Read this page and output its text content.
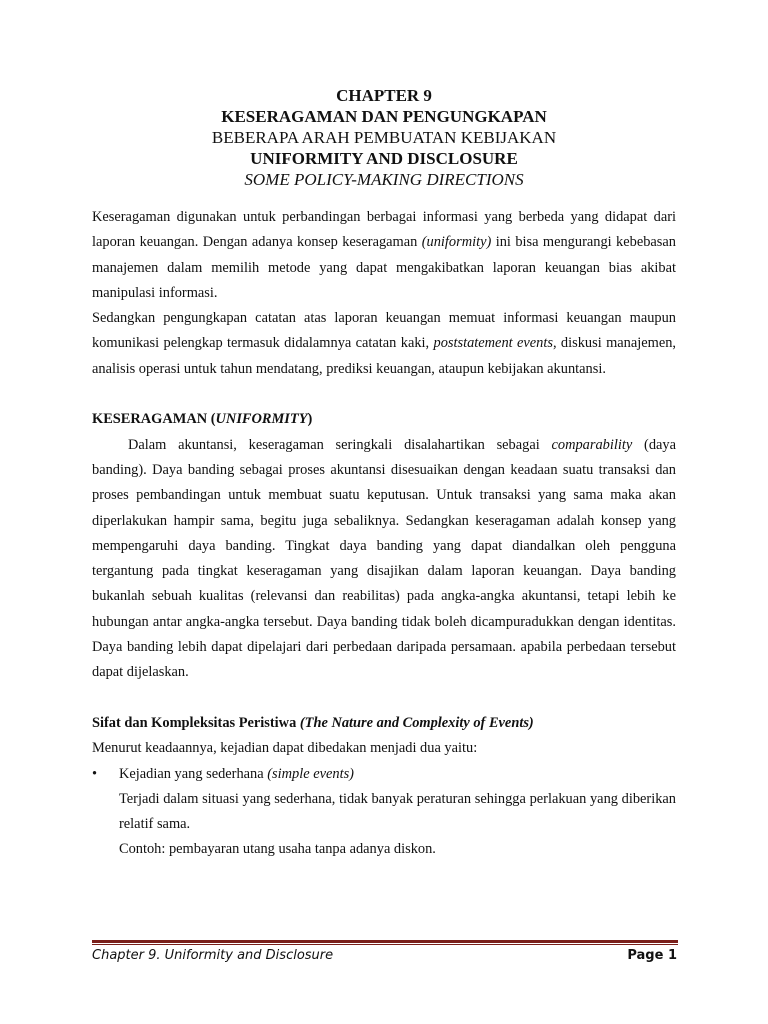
CHAPTER 9
KESERAGAMAN DAN PENGUNGKAPAN
BEBERAPA ARAH PEMBUATAN KEBIJAKAN
UNIFORMITY AND DISCLOSURE
SOME POLICY-MAKING DIRECTIONS

Keseragaman digunakan untuk perbandingan berbagai informasi yang berbeda yang didapat dari laporan keuangan. Dengan adanya konsep keseragaman (uniformity) ini bisa mengurangi kebebasan manajemen dalam memilih metode yang dapat mengakibatkan laporan keuangan bias akibat manipulasi informasi.

Sedangkan pengungkapan catatan atas laporan keuangan memuat informasi keuangan maupun komunikasi pelengkap termasuk didalamnya catatan kaki, poststatement events, diskusi manajemen, analisis operasi untuk tahun mendatang, prediksi keuangan, ataupun kebijakan akuntansi.

KESERAGAMAN (UNIFORMITY)

Dalam akuntansi, keseragaman seringkali disalahartikan sebagai comparability (daya banding). Daya banding sebagai proses akuntansi disesuaikan dengan keadaan suatu transaksi dan proses pembandingan untuk membuat suatu keputusan. Untuk transaksi yang sama maka akan diperlakukan hampir sama, begitu juga sebaliknya. Sedangkan keseragaman adalah konsep yang mempengaruhi daya banding. Tingkat daya banding yang dapat diandalkan oleh pengguna tergantung pada tingkat keseragaman yang disajikan dalam laporan keuangan. Daya banding bukanlah sebuah kualitas (relevansi dan reabilitas) pada angka-angka akuntansi, tetapi lebih ke hubungan antar angka-angka tersebut. Daya banding tidak boleh dicampuradukkan dengan identitas. Daya banding lebih dapat dipelajari dari perbedaan daripada persamaan. apabila perbedaan tersebut dapat dijelaskan.

Sifat dan Kompleksitas Peristiwa (The Nature and Complexity of Events)

Menurut keadaannya, kejadian dapat dibedakan menjadi dua yaitu:

•	Kejadian yang sederhana (simple events)

Terjadi dalam situasi yang sederhana, tidak banyak peraturan sehingga perlakuan yang diberikan relatif sama.

Contoh: pembayaran utang usaha tanpa adanya diskon.

Chapter 9. Uniformity and Disclosure	Page 1
